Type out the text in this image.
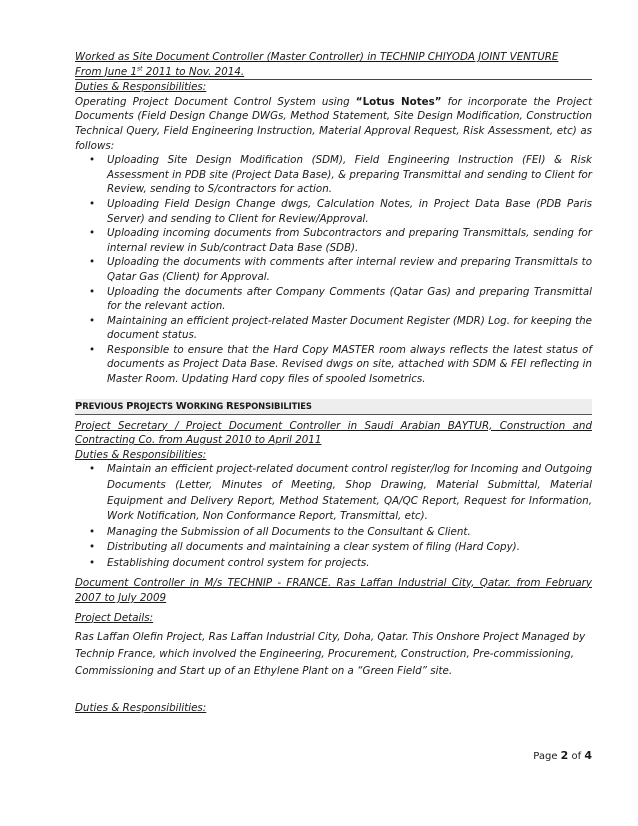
Worked as Site Document Controller (Master Controller) in TECHNIP CHIYODA JOINT VENTURE

From June 1st 2011 to Nov. 2014.

Duties & Responsibilities:

Operating Project Document Control System using “Lotus Notes” for incorporate the Project Documents (Field Design Change DWGs, Method Statement, Site Design Modification, Construction Technical Query, Field Engineering Instruction, Material Approval Request, Risk Assessment, etc) as follows:

• Uploading Site Design Modification (SDM), Field Engineering Instruction (FEI) & Risk Assessment in PDB site (Project Data Base), & preparing Transmittal and sending to Client for Review, sending to S/contractors for action.
• Uploading Field Design Change dwgs, Calculation Notes, in Project Data Base (PDB Paris Server) and sending to Client for Review/Approval.
• Uploading incoming documents from Subcontractors and preparing Transmittals, sending for internal review in Sub/contract Data Base (SDB).
• Uploading the documents with comments after internal review and preparing Transmittals to Qatar Gas (Client) for Approval.
• Uploading the documents after Company Comments (Qatar Gas) and preparing Transmittal for the relevant action.
• Maintaining an efficient project-related Master Document Register (MDR) Log. for keeping the document status.
• Responsible to ensure that the Hard Copy MASTER room always reflects the latest status of documents as Project Data Base. Revised dwgs on site, attached with SDM & FEI reflecting in Master Room. Updating Hard copy files of spooled Isometrics.
PREVIOUS PROJECTS WORKING RESPONSIBILITIES

Project Secretary / Project Document Controller in Saudi Arabian BAYTUR, Construction and Contracting Co. from August 2010 to April 2011

Duties & Responsibilities:

• Maintain an efficient project-related document control register/log for Incoming and Outgoing Documents (Letter, Minutes of Meeting, Shop Drawing, Material Submittal, Material Equipment and Delivery Report, Method Statement, QA/QC Report, Request for Information, Work Notification, Non Conformance Report, Transmittal, etc).
• Managing the Submission of all Documents to the Consultant & Client.
• Distributing all documents and maintaining a clear system of filing (Hard Copy).
• Establishing document control system for projects.

Document Controller in M/s TECHNIP - FRANCE. Ras Laffan Industrial City, Qatar. from February 2007 to July 2009

Project Details:

Ras Laffan Olefin Project, Ras Laffan Industrial City, Doha, Qatar. This Onshore Project Managed by Technip France, which involved the Engineering, Procurement, Construction, Pre-commissioning, Commissioning and Start up of an Ethylene Plant on a “Green Field” site.

Duties & Responsibilities:

Page 2 of 4
